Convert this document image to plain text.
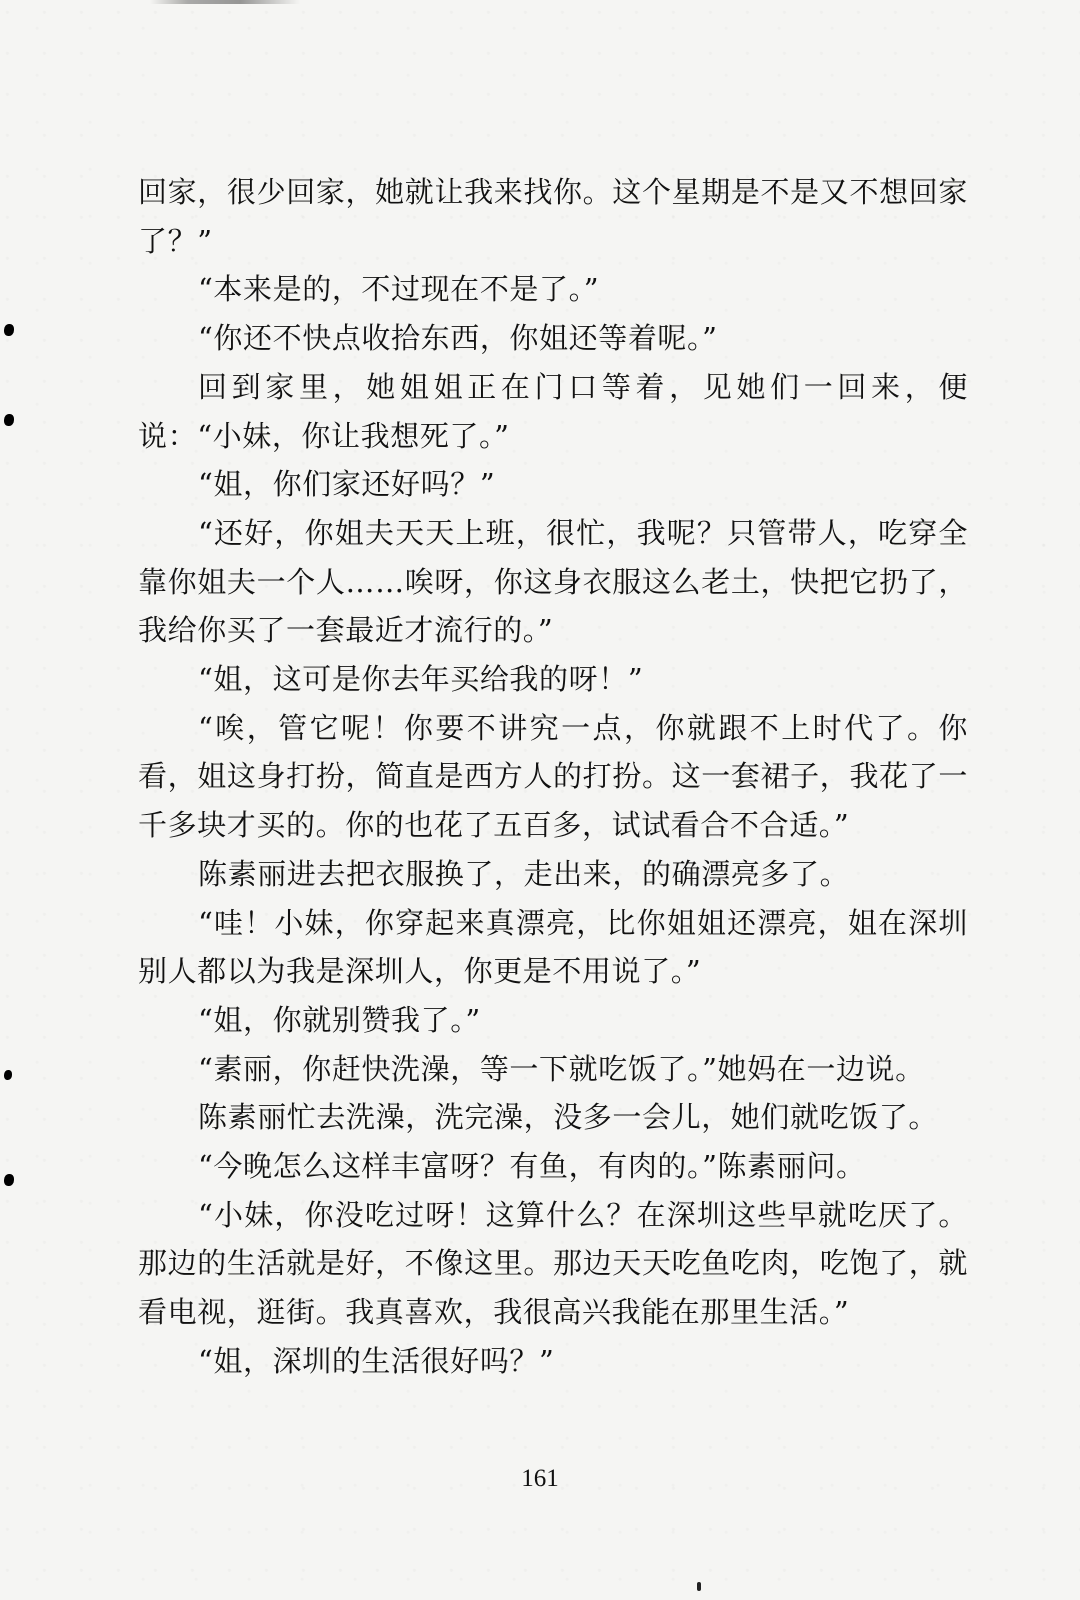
回家，很少回家，她就让我来找你。这个星期是不是又不想回家了？”

“本来是的，不过现在不是了。”

“你还不快点收拾东西，你姐还等着呢。”

回到家里，她姐姐正在门口等着，见她们一回来，便说：“小妹，你让我想死了。”

“姐，你们家还好吗？”

“还好，你姐夫天天上班，很忙，我呢？只管带人，吃穿全靠你姐夫一个人……唉呀，你这身衣服这么老土，快把它扔了，我给你买了一套最近才流行的。”

“姐，这可是你去年买给我的呀！”

“唉，管它呢！你要不讲究一点，你就跟不上时代了。你看，姐这身打扮，简直是西方人的打扮。这一套裙子，我花了一千多块才买的。你的也花了五百多，试试看合不合适。”

陈素丽进去把衣服换了，走出来，的确漂亮多了。

“哇！小妹，你穿起来真漂亮，比你姐姐还漂亮，姐在深圳别人都以为我是深圳人，你更是不用说了。”

“姐，你就别赞我了。”

“素丽，你赶快洗澡，等一下就吃饭了。”她妈在一边说。

陈素丽忙去洗澡，洗完澡，没多一会儿，她们就吃饭了。

“今晚怎么这样丰富呀？有鱼，有肉的。”陈素丽问。

“小妹，你没吃过呀！这算什么？在深圳这些早就吃厌了。那边的生活就是好，不像这里。那边天天吃鱼吃肉，吃饱了，就看电视，逛街。我真喜欢，我很高兴我能在那里生活。”

“姐，深圳的生活很好吗？”

161
